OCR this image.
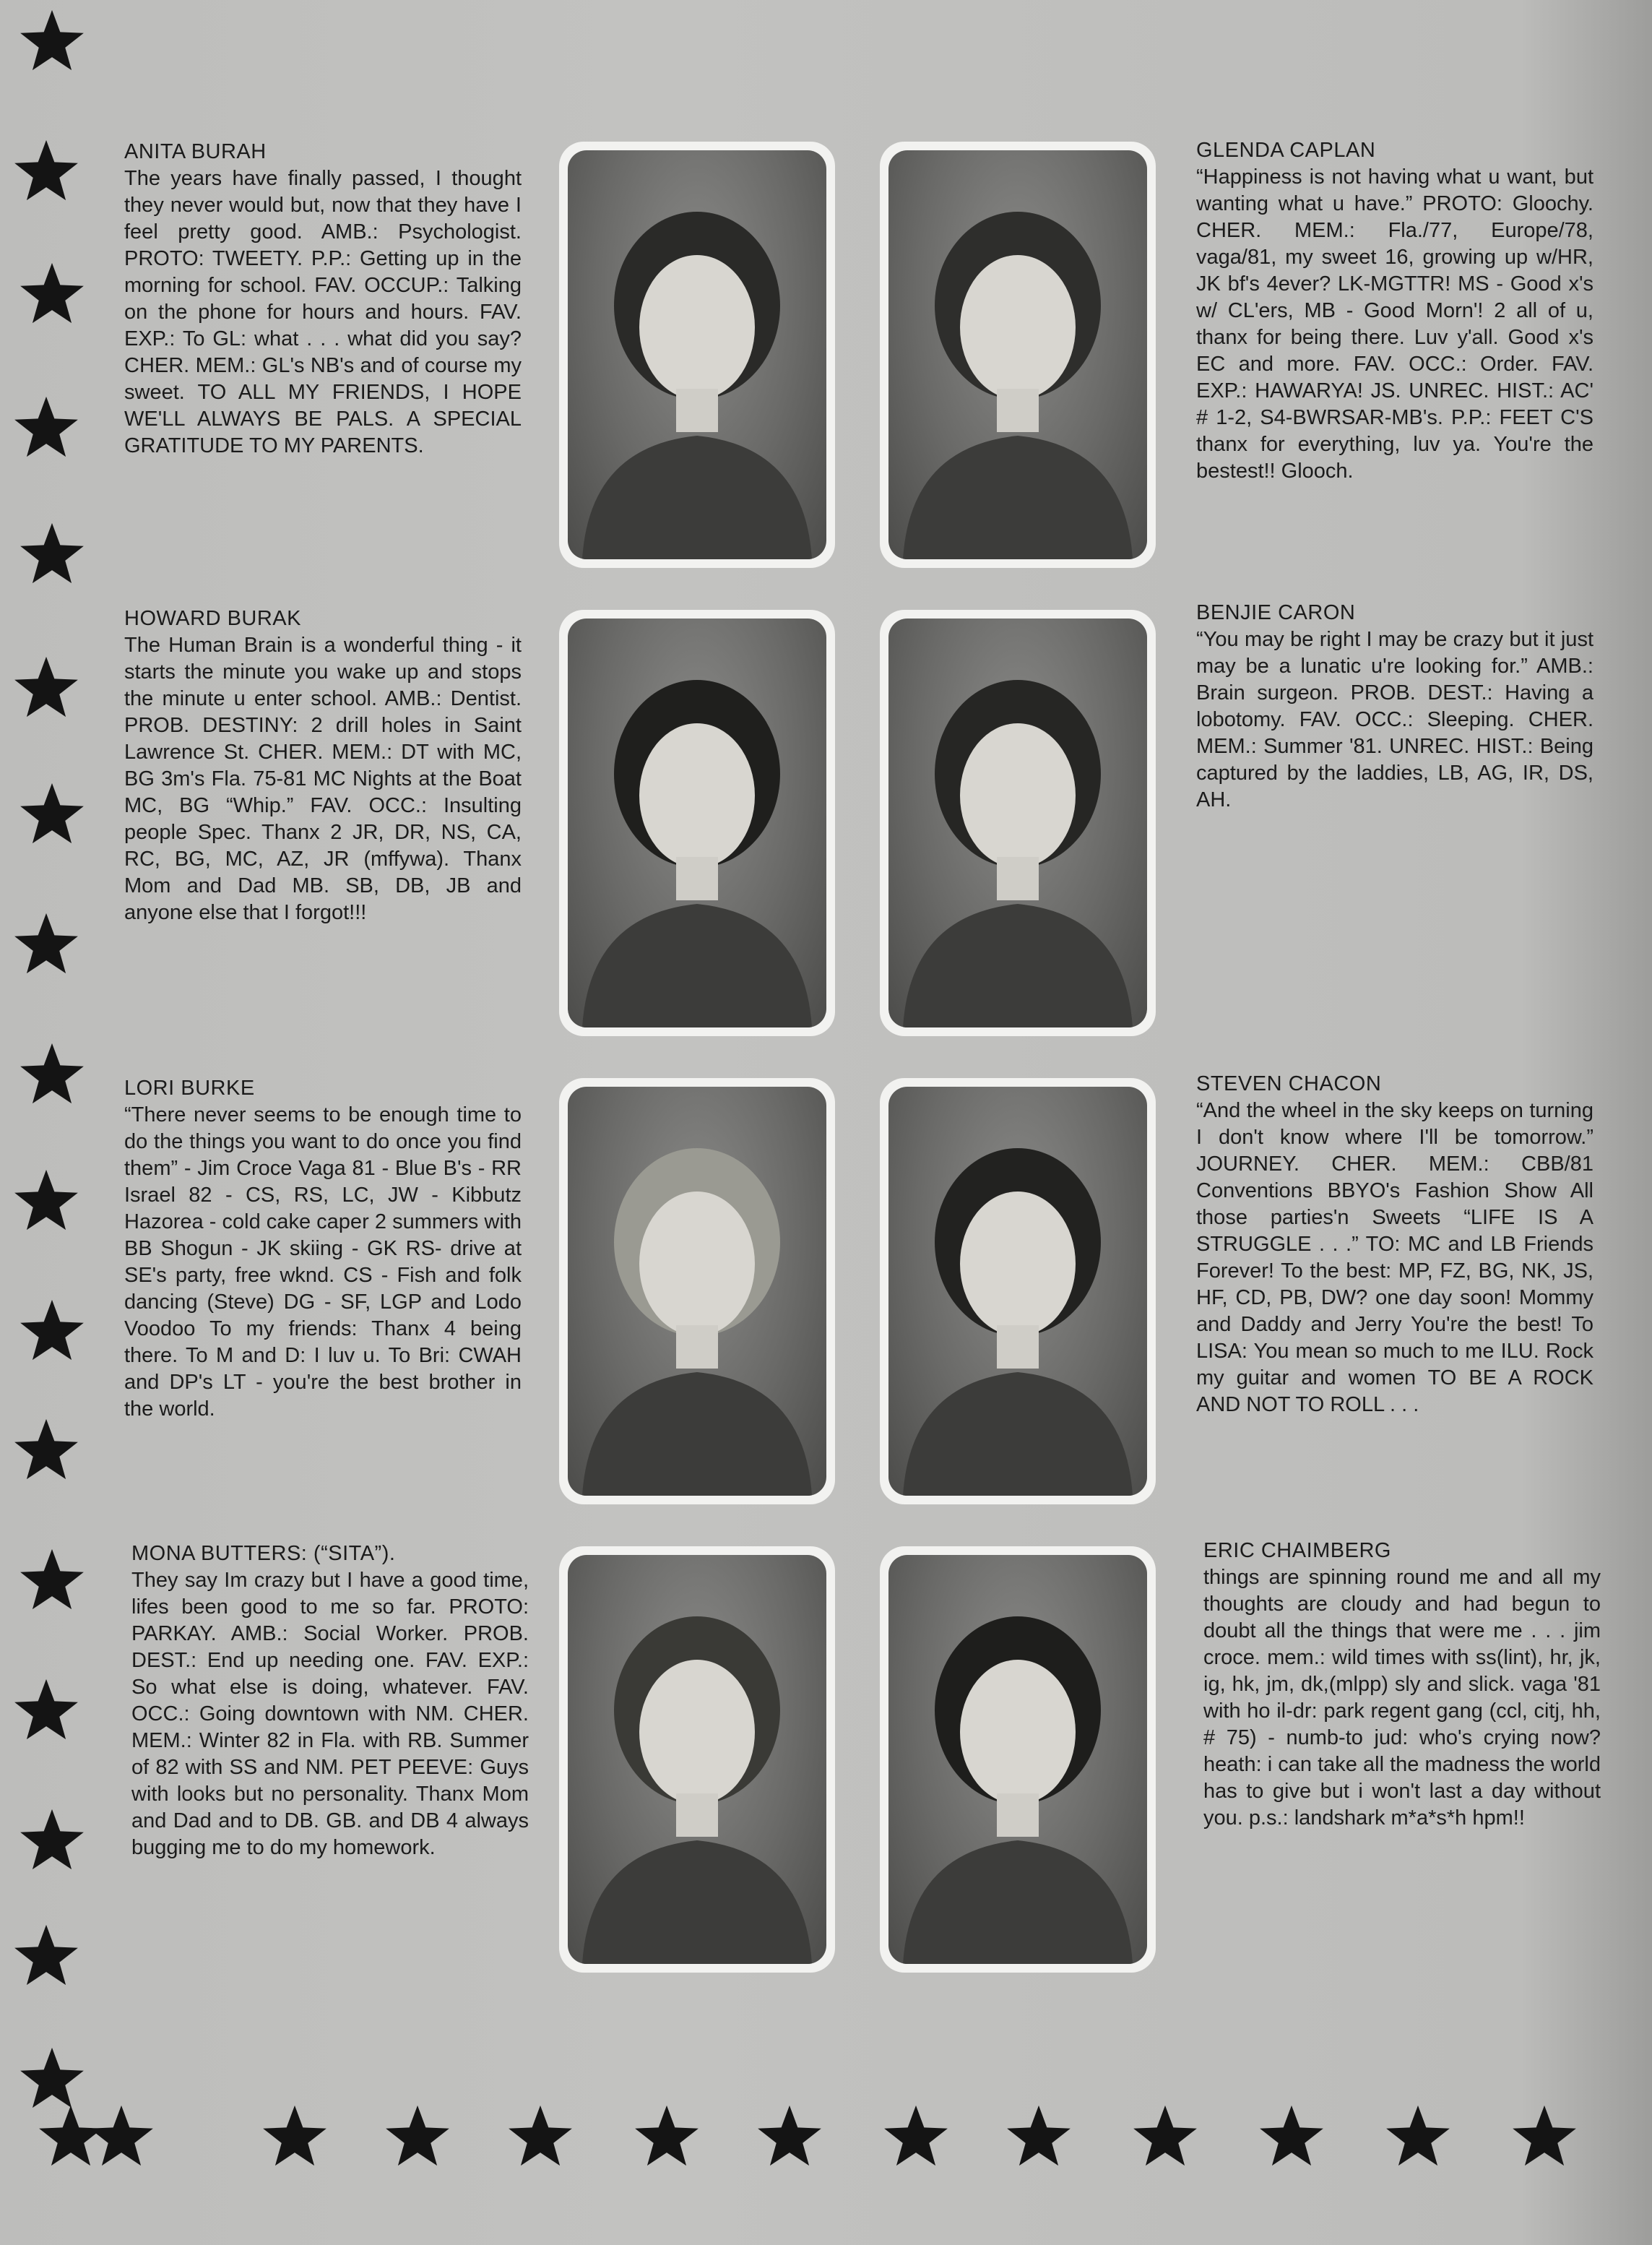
ANITA BURAH
The years have finally passed, I thought they never would but, now that they have I feel pretty good. AMB.: Psychologist. PROTO: TWEETY. P.P.: Getting up in the morning for school. FAV. OCCUP.: Talking on the phone for hours and hours. FAV. EXP.: To GL: what . . . what did you say? CHER. MEM.: GL's NB's and of course my sweet. TO ALL MY FRIENDS, I HOPE WE'LL ALWAYS BE PALS. A SPECIAL GRATITUDE TO MY PARENTS.
GLENDA CAPLAN
“Happiness is not having what u want, but wanting what u have.” PROTO: Gloochy. CHER. MEM.: Fla./77, Europe/78, vaga/81, my sweet 16, growing up w/HR, JK bf's 4ever? LK-MGTTR! MS - Good x's w/ CL'ers, MB - Good Morn'! 2 all of u, thanx for being there. Luv y'all. Good x's EC and more. FAV. OCC.: Order. FAV. EXP.: HAWARYA! JS. UNREC. HIST.: AC' # 1-2, S4-BWRSAR-MB's. P.P.: FEET C'S thanx for everything, luv ya. You're the bestest!! Glooch.
HOWARD BURAK
The Human Brain is a wonderful thing - it starts the minute you wake up and stops the minute u enter school. AMB.: Dentist. PROB. DESTINY: 2 drill holes in Saint Lawrence St. CHER. MEM.: DT with MC, BG 3m's Fla. 75-81 MC Nights at the Boat MC, BG “Whip.” FAV. OCC.: Insulting people Spec. Thanx 2 JR, DR, NS, CA, RC, BG, MC, AZ, JR (mffywa). Thanx Mom and Dad MB. SB, DB, JB and anyone else that I forgot!!!
BENJIE CARON
“You may be right I may be crazy but it just may be a lunatic u're looking for.” AMB.: Brain surgeon. PROB. DEST.: Having a lobotomy. FAV. OCC.: Sleeping. CHER. MEM.: Summer '81. UNREC. HIST.: Being captured by the laddies, LB, AG, IR, DS, AH.
LORI BURKE
“There never seems to be enough time to do the things you want to do once you find them” - Jim Croce Vaga 81 - Blue B's - RR Israel 82 - CS, RS, LC, JW - Kibbutz Hazorea - cold cake caper 2 summers with BB Shogun - JK skiing - GK RS- drive at SE's party, free wknd. CS - Fish and folk dancing (Steve) DG - SF, LGP and Lodo Voodoo To my friends: Thanx 4 being there. To M and D: I luv u. To Bri: CWAH and DP's LT - you're the best brother in the world.
STEVEN CHACON
“And the wheel in the sky keeps on turning I don't know where I'll be tomorrow.” JOURNEY. CHER. MEM.: CBB/81 Conventions BBYO's Fashion Show All those parties'n Sweets “LIFE IS A STRUGGLE . . .” TO: MC and LB Friends Forever! To the best: MP, FZ, BG, NK, JS, HF, CD, PB, DW? one day soon! Mommy and Daddy and Jerry You're the best! To LISA: You mean so much to me ILU. Rock my guitar and women TO BE A ROCK AND NOT TO ROLL . . .
MONA BUTTERS: (“SITA”).
They say Im crazy but I have a good time, lifes been good to me so far. PROTO: PARKAY. AMB.: Social Worker. PROB. DEST.: End up needing one. FAV. EXP.: So what else is doing, whatever. FAV. OCC.: Going downtown with NM. CHER. MEM.: Winter 82 in Fla. with RB. Summer of 82 with SS and NM. PET PEEVE: Guys with looks but no personality. Thanx Mom and Dad and to DB. GB. and DB 4 always bugging me to do my homework.
ERIC CHAIMBERG
things are spinning round me and all my thoughts are cloudy and had begun to doubt all the things that were me . . . jim croce. mem.: wild times with ss(lint), hr, jk, ig, hk, jm, dk,(mlpp) sly and slick. vaga '81 with ho il-dr: park regent gang (ccl, citj, hh, # 75) - numb-to jud: who's crying now? heath: i can take all the madness the world has to give but i won't last a day without you. p.s.: landshark m*a*s*h hpm!!
